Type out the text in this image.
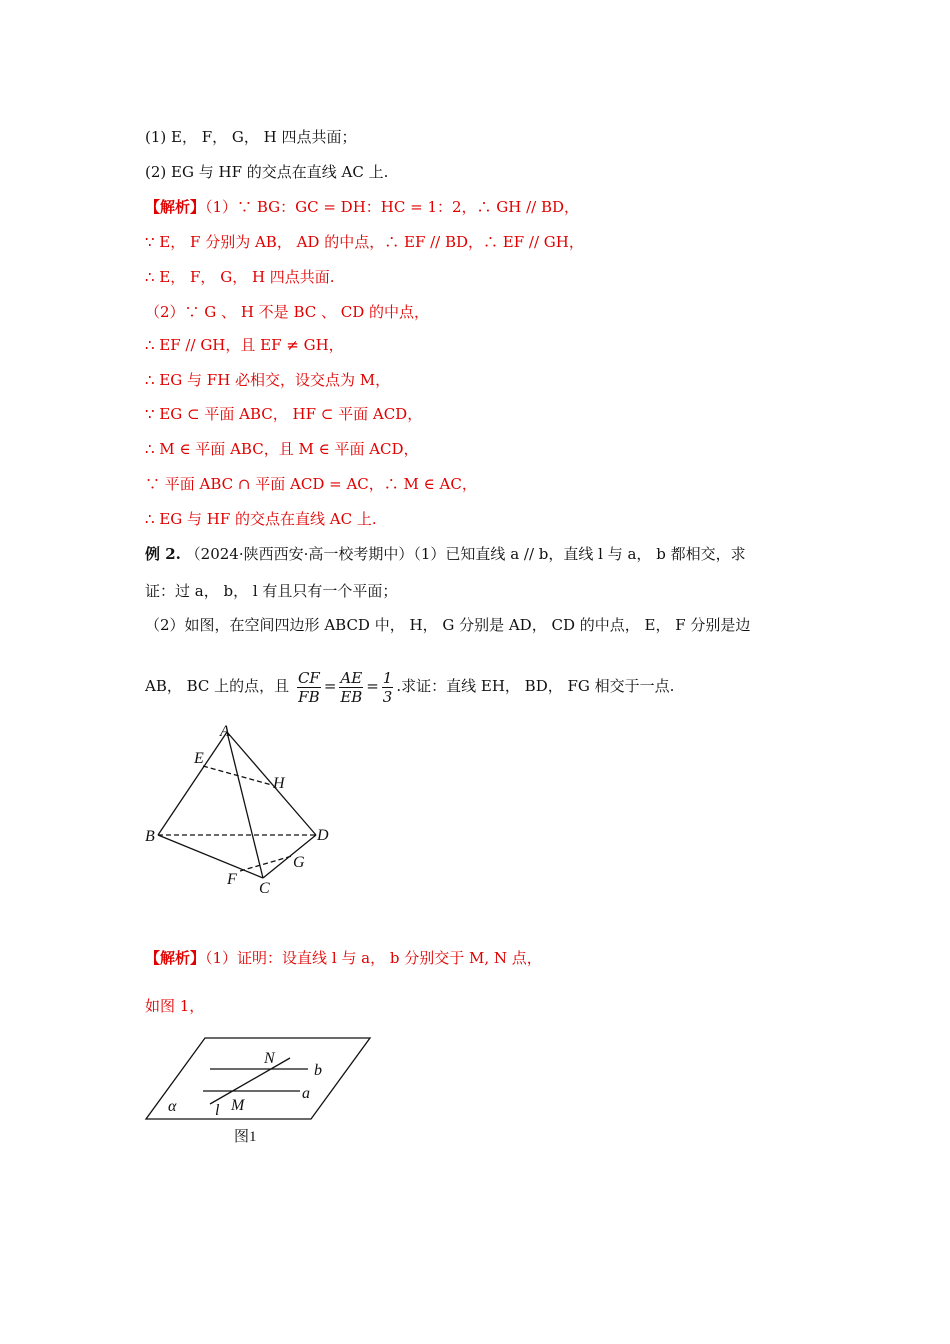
(1) E， F， G， H 四点共面；
(2) EG 与 HF 的交点在直线 AC 上.
【解析】（1）∵ BG：GC = DH：HC = 1：2，∴ GH // BD，
∵ E， F 分别为 AB， AD 的中点，∴ EF // BD，∴ EF // GH，
∴ E， F， G， H 四点共面.
（2）∵ G 、 H 不是 BC 、 CD 的中点，
∴ EF // GH，且 EF ≠ GH，
∴ EG 与 FH 必相交，设交点为 M，
∵ EG ⊂ 平面 ABC， HF ⊂ 平面 ACD，
∴ M ∈ 平面 ABC，且 M ∈ 平面 ACD，
∵ 平面 ABC ∩ 平面 ACD = AC，∴ M ∈ AC，
∴ EG 与 HF 的交点在直线 AC 上.
例 2. （2024·陕西西安·高一校考期中）（1）已知直线 a // b，直线 l 与 a， b 都相交，求
证：过 a， b， l 有且只有一个平面；
（2）如图，在空间四边形 ABCD 中， H， G 分别是 AD， CD 的中点， E， F 分别是边
AB， BC 上的点，且 $\frac{CF}{FB} = \frac{AE}{EB} = \frac{1}{3}$ .求证：直线 EH， BD， FG 相交于一点.
A
E
H
B	D
G
F
C
【解析】（1）证明：设直线 l 与 a， b 分别交于 M, N 点，
如图 1，
N
b
a
α l M
图1
